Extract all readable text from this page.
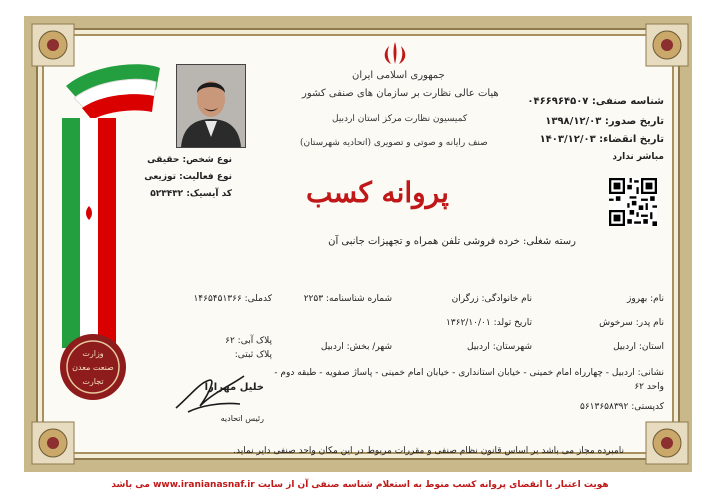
وزارت
صنعت معدن
تجارت
جمهوری اسلامی ایران
هیات عالی نظارت بر سازمان های صنفی کشور
کمیسیون نظارت مرکز استان اردبیل
صنف رایانه و صوتی و تصویری (اتحادیه شهرستان)
پروانه کسب
شناسه صنفی: ۰۴۶۶۹۶۴۵۰۷
تاریخ صدور: ۱۳۹۸/۱۲/۰۳
تاریخ انقضاء: ۱۴۰۳/۱۲/۰۳
مباشر ندارد
نوع شخص: حقیقی
نوع فعالیت: توزیعی
کد آیسیک: ۵۲۳۴۳۲
رسته شغلی: خرده فروشی تلفن همراه و تجهیزات جانبی آن
نام: بهروز
نام خانوادگی: زرگران
شماره شناسنامه: ۲۲۵۳
کدملی: ۱۴۶۵۴۵۱۳۶۶
نام پدر: سرخوش
تاریخ تولد: ۱۳۶۲/۱۰/۰۱
استان: اردبیل
شهرستان: اردبیل
شهر/ بخش: اردبیل
پلاک آبی: ۶۲
پلاک ثبتی:
نشانی: اردبیل - چهارراه امام خمینی - خیابان استانداری - خیابان امام خمینی - پاساژ صفویه - طبقه دوم -
واحد ۶۲
کدپستی: ۵۶۱۳۶۵۸۳۹۲
خلیل مهرارا
رئیس اتحادیه
نامبرده مجاز می باشد بر اساس قانون نظام صنفی و مقررات مربوط در این مکان واحد صنفی دایر نماید.
هویت اعتبار یا انقضای پروانه کسب منوط به استعلام شناسه صنفی آن از سایت www.iranianasnaf.ir می باشد
